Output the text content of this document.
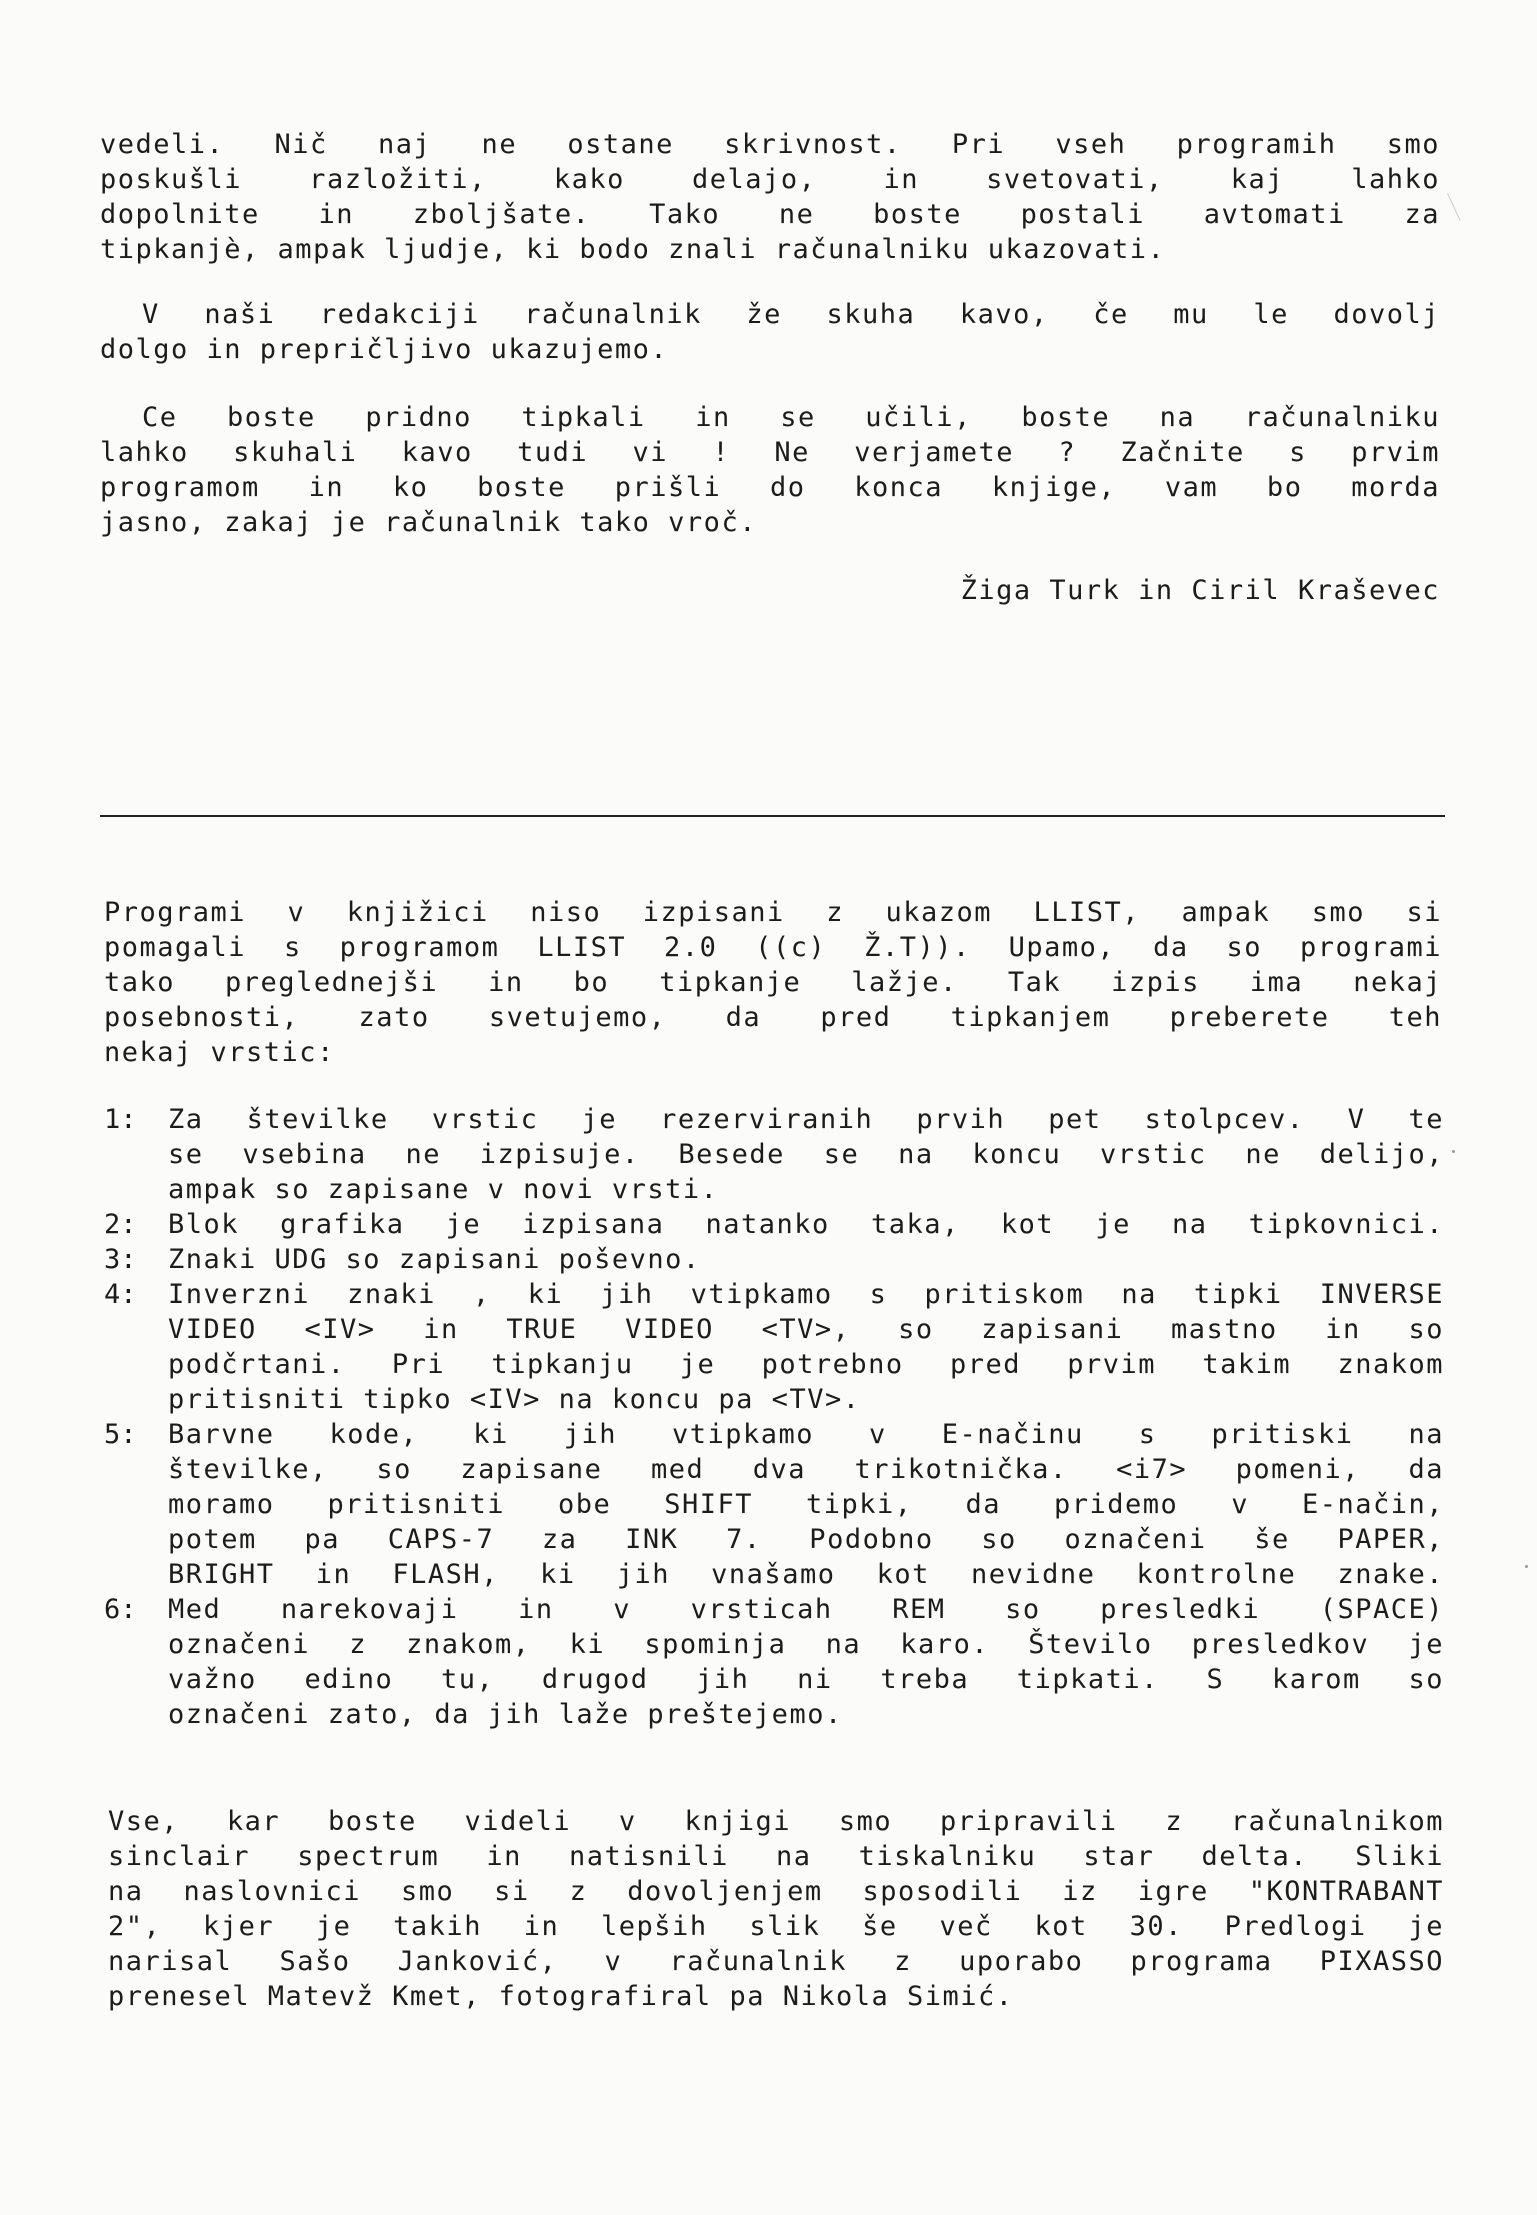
vedeli. Nič naj ne ostane skrivnost. Pri vseh programih smo
poskušli razložiti, kako delajo, in svetovati, kaj lahko
dopolnite in zboljšate. Tako ne boste postali avtomati za
tipkanjè, ampak ljudje, ki bodo znali računalniku ukazovati.
V naši redakciji računalnik že skuha kavo, če mu le dovolj
dolgo in prepričljivo ukazujemo.
Ce boste pridno tipkali in se učili, boste na računalniku
lahko skuhali kavo tudi vi ! Ne verjamete ? Začnite s prvim
programom in ko boste prišli do konca knjige, vam bo morda
jasno, zakaj je računalnik tako vroč.
Žiga Turk in Ciril Kraševec
Programi v knjižici niso izpisani z ukazom LLIST, ampak smo si
pomagali s programom LLIST 2.0 ((c) Ž.T)). Upamo, da so programi
tako preglednejši in bo tipkanje lažje. Tak izpis ima nekaj
posebnosti, zato svetujemo, da pred tipkanjem preberete teh
nekaj vrstic:
1: Za številke vrstic je rezerviranih prvih pet stolpcev. V te
se vsebina ne izpisuje. Besede se na koncu vrstic ne delijo,
ampak so zapisane v novi vrsti.
2: Blok grafika je izpisana natanko taka, kot je na tipkovnici.
3: Znaki UDG so zapisani poševno.
4: Inverzni znaki , ki jih vtipkamo s pritiskom na tipki INVERSE
VIDEO <IV> in TRUE VIDEO <TV>, so zapisani mastno in so
podčrtani. Pri tipkanju je potrebno pred prvim takim znakom
pritisniti tipko <IV> na koncu pa <TV>.
5: Barvne kode, ki jih vtipkamo v E-načinu s pritiski na
številke, so zapisane med dva trikotnička. <i7> pomeni, da
moramo pritisniti obe SHIFT tipki, da pridemo v E-način,
potem pa CAPS-7 za INK 7. Podobno so označeni še PAPER,
BRIGHT in FLASH, ki jih vnašamo kot nevidne kontrolne znake.
6: Med narekovaji in v vrsticah REM so presledki (SPACE)
označeni z znakom, ki spominja na karo. Število presledkov je
važno edino tu, drugod jih ni treba tipkati. S karom so
označeni zato, da jih laže preštejemo.
Vse, kar boste videli v knjigi smo pripravili z računalnikom
sinclair spectrum in natisnili na tiskalniku star delta. Sliki
na naslovnici smo si z dovoljenjem sposodili iz igre "KONTRABANT
2", kjer je takih in lepših slik še več kot 30. Predlogi je
narisal Sašo Janković, v računalnik z uporabo programa PIXASSO
prenesel Matevž Kmet, fotografiral pa Nikola Simić.
